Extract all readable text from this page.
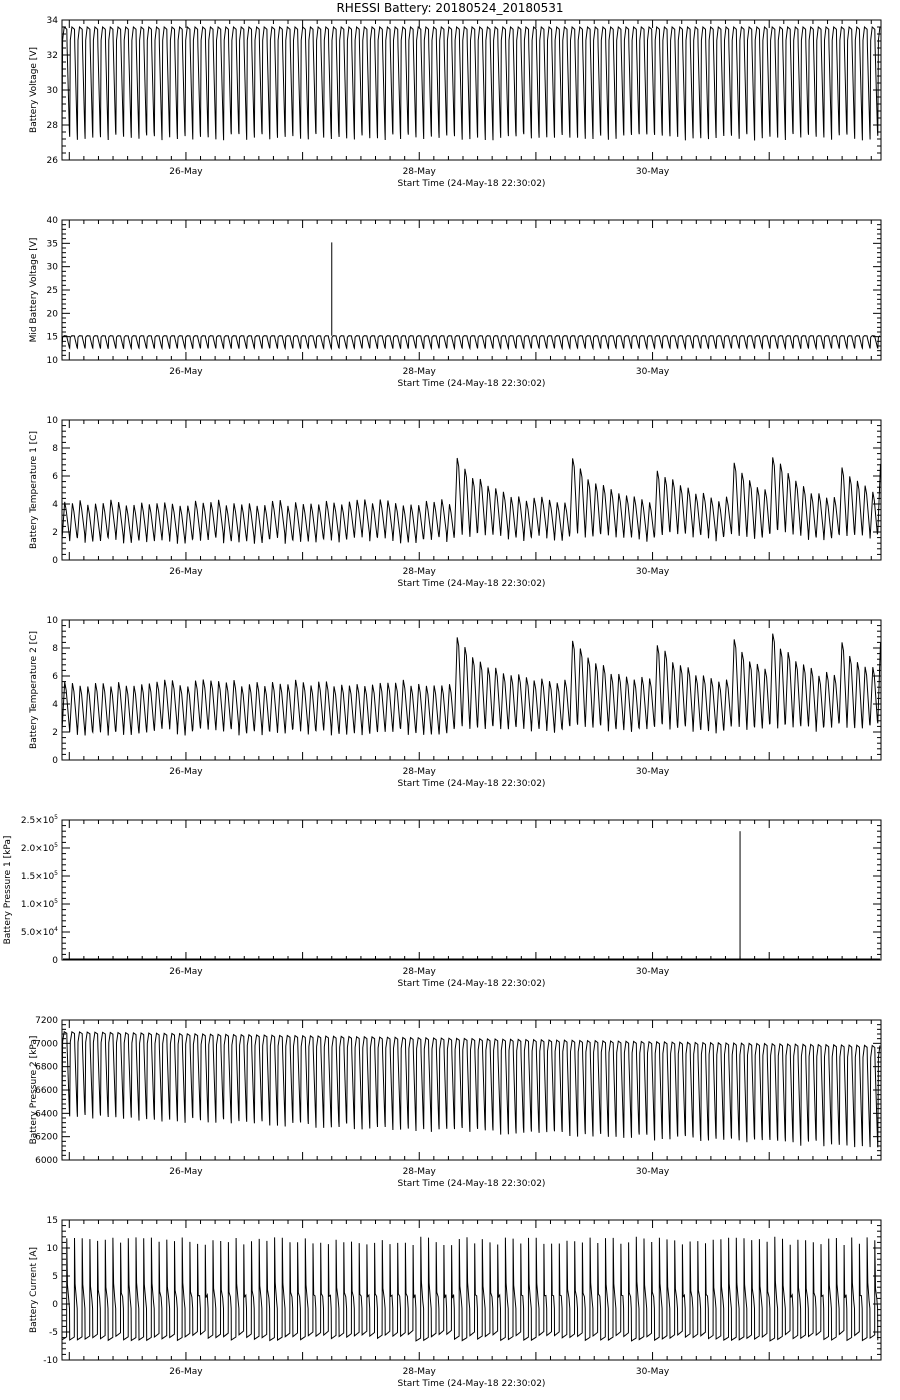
RHESSI Battery: 20180524_20180531
26-May	28-May	30-May
Start Time (24-May-18 22:30:02)
26
28
30
32
34
Battery Voltage [V]
26-May	28-May	30-May
Start Time (24-May-18 22:30:02)
10
15
20
25
30
35
40
Mid Battery Voltage [V]
26-May	28-May	30-May
Start Time (24-May-18 22:30:02)
0
2
4
6
8
10
Battery Temperature 1 [C]
26-May	28-May	30-May
Start Time (24-May-18 22:30:02)
0
2
4
6
8
10
Battery Temperature 2 [C]
26-May	28-May	30-May
Start Time (24-May-18 22:30:02)
0
$5.0\times 10^4$
$1.0\times 10^5$
$1.5\times 10^5$
$2.0\times 10^5$
$2.5\times 10^5$
Battery Pressure 1 [kPa]
26-May	28-May	30-May
Start Time (24-May-18 22:30:02)
6000
6200
6400
6600
6800
7000
7200
Battery Pressure 2 [kPa]
26-May	28-May	30-May
Start Time (24-May-18 22:30:02)
-10
-5
0
5
10
15
Battery Current [A]
